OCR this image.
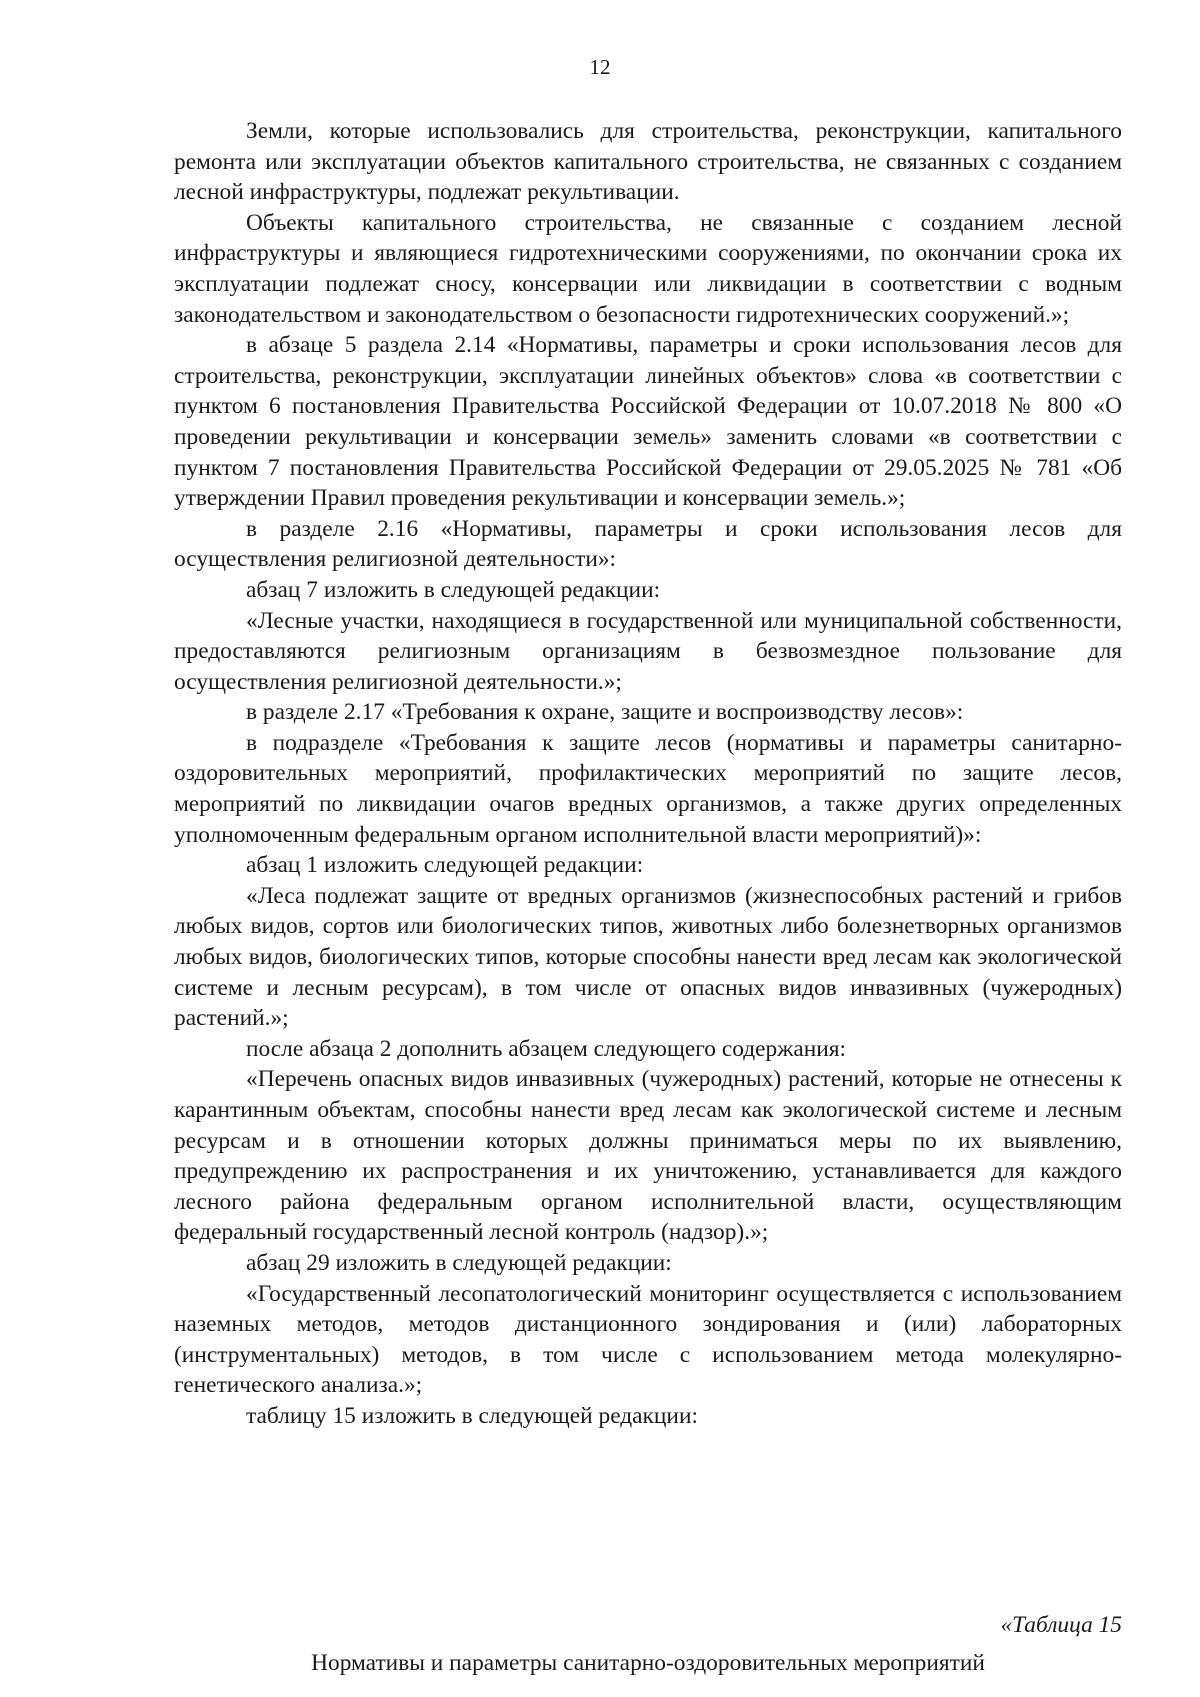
12

Земли, которые использовались для строительства, реконструкции, капитального ремонта или эксплуатации объектов капитального строительства, не связанных с созданием лесной инфраструктуры, подлежат рекультивации.

Объекты капитального строительства, не связанные с созданием лесной инфраструктуры и являющиеся гидротехническими сооружениями, по окончании срока их эксплуатации подлежат сносу, консервации или ликвидации в соответствии с водным законодательством и законодательством о безопасности гидротехнических сооружений.»;

в абзаце 5 раздела 2.14 «Нормативы, параметры и сроки использования лесов для строительства, реконструкции, эксплуатации линейных объектов» слова «в соответствии с пунктом 6 постановления Правительства Российской Федерации от 10.07.2018 № 800 «О проведении рекультивации и консервации земель» заменить словами «в соответствии с пунктом 7 постановления Правительства Российской Федерации от 29.05.2025 № 781 «Об утверждении Правил проведения рекультивации и консервации земель.»;

в разделе 2.16 «Нормативы, параметры и сроки использования лесов для осуществления религиозной деятельности»:

абзац 7 изложить в следующей редакции:

«Лесные участки, находящиеся в государственной или муниципальной собственности, предоставляются религиозным организациям в безвозмездное пользование для осуществления религиозной деятельности.»;

в разделе 2.17 «Требования к охране, защите и воспроизводству лесов»:

в подразделе «Требования к защите лесов (нормативы и параметры санитарно-оздоровительных мероприятий, профилактических мероприятий по защите лесов, мероприятий по ликвидации очагов вредных организмов, а также других определенных уполномоченным федеральным органом исполнительной власти мероприятий)»:

абзац 1 изложить следующей редакции:

«Леса подлежат защите от вредных организмов (жизнеспособных растений и грибов любых видов, сортов или биологических типов, животных либо болезнетворных организмов любых видов, биологических типов, которые способны нанести вред лесам как экологической системе и лесным ресурсам), в том числе от опасных видов инвазивных (чужеродных) растений.»;

после абзаца 2 дополнить абзацем следующего содержания:

«Перечень опасных видов инвазивных (чужеродных) растений, которые не отнесены к карантинным объектам, способны нанести вред лесам как экологической системе и лесным ресурсам и в отношении которых должны приниматься меры по их выявлению, предупреждению их распространения и их уничтожению, устанавливается для каждого лесного района федеральным органом исполнительной власти, осуществляющим федеральный государственный лесной контроль (надзор).»;

абзац 29 изложить в следующей редакции:

«Государственный лесопатологический мониторинг осуществляется с использованием наземных методов, методов дистанционного зондирования и (или) лабораторных (инструментальных) методов, в том числе с использованием метода молекулярно-генетического анализа.»;

таблицу 15 изложить в следующей редакции:

«Таблица 15
Нормативы и параметры санитарно-оздоровительных мероприятий
